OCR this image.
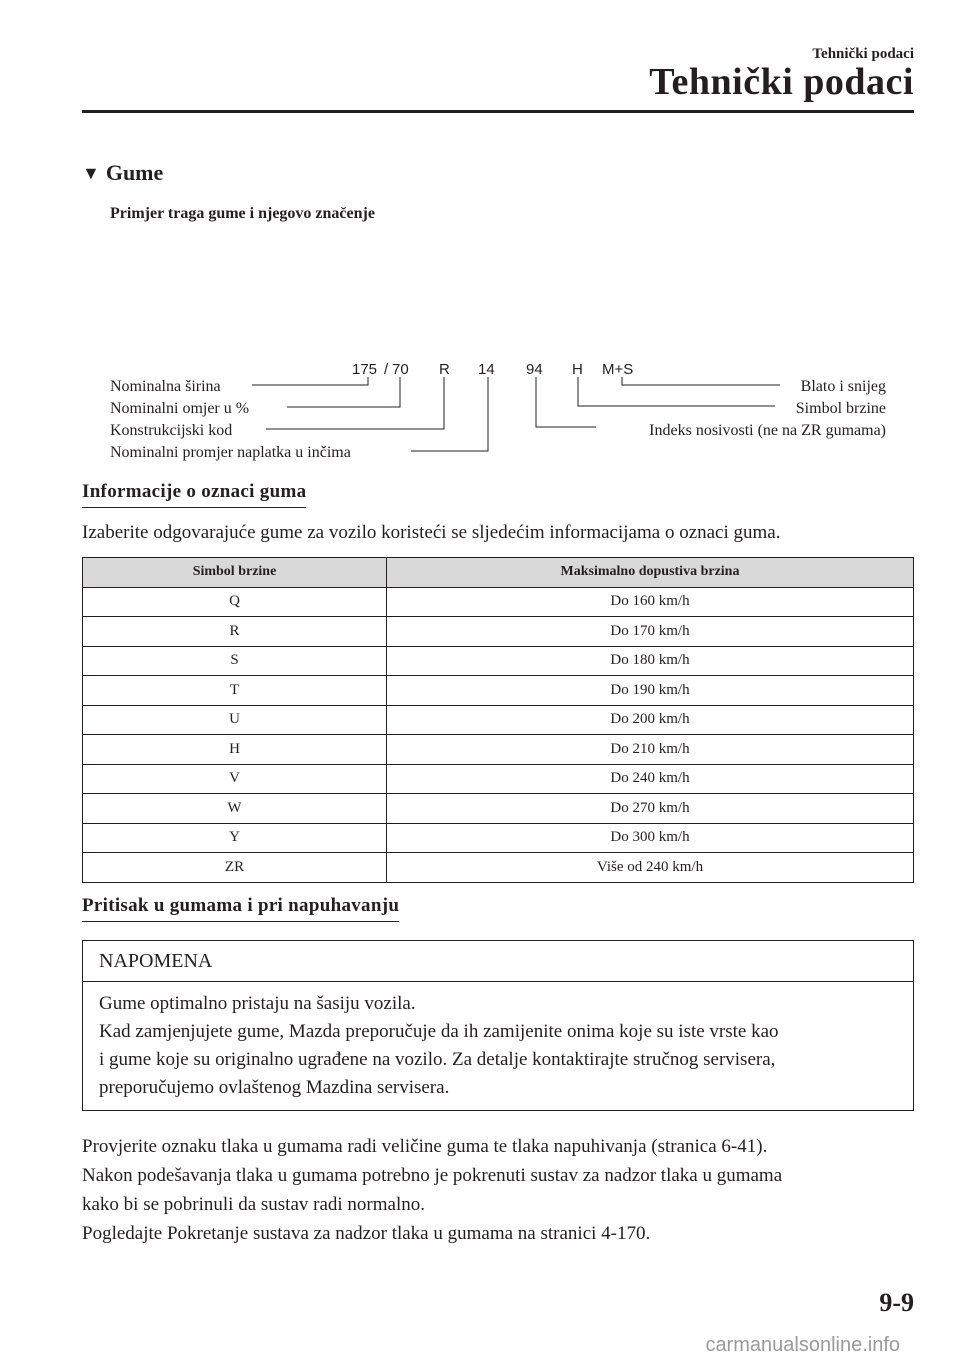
Tehnički podaci
Tehnički podaci
▼ Gume
Primjer traga gume i njegovo značenje
175 / 70 R 14 94 H M+S
Nominalna širina
Nominalni omjer u %
Konstrukcijski kod
Nominalni promjer naplatka u inčima
Blato i snijeg
Simbol brzine
Indeks nosivosti (ne na ZR gumama)
Informacije o oznaci guma
Izaberite odgovarajuće gume za vozilo koristeći se sljedećim informacijama o oznaci guma.
Simbol brzine	Maksimalno dopustiva brzina
Q	Do 160 km/h
R	Do 170 km/h
S	Do 180 km/h
T	Do 190 km/h
U	Do 200 km/h
H	Do 210 km/h
V	Do 240 km/h
W	Do 270 km/h
Y	Do 300 km/h
ZR	Više od 240 km/h
Pritisak u gumama i pri napuhavanju
NAPOMENA
Gume optimalno pristaju na šasiju vozila.
Kad zamjenjujete gume, Mazda preporučuje da ih zamijenite onima koje su iste vrste kao
i gume koje su originalno ugrađene na vozilo. Za detalje kontaktirajte stručnog servisera,
preporučujemo ovlaštenog Mazdina servisera.
Provjerite oznaku tlaka u gumama radi veličine guma te tlaka napuhivanja (stranica 6-41).
Nakon podešavanja tlaka u gumama potrebno je pokrenuti sustav za nadzor tlaka u gumama
kako bi se pobrinuli da sustav radi normalno.
Pogledajte Pokretanje sustava za nadzor tlaka u gumama na stranici 4-170.
9-9
carmanualsonline.info
